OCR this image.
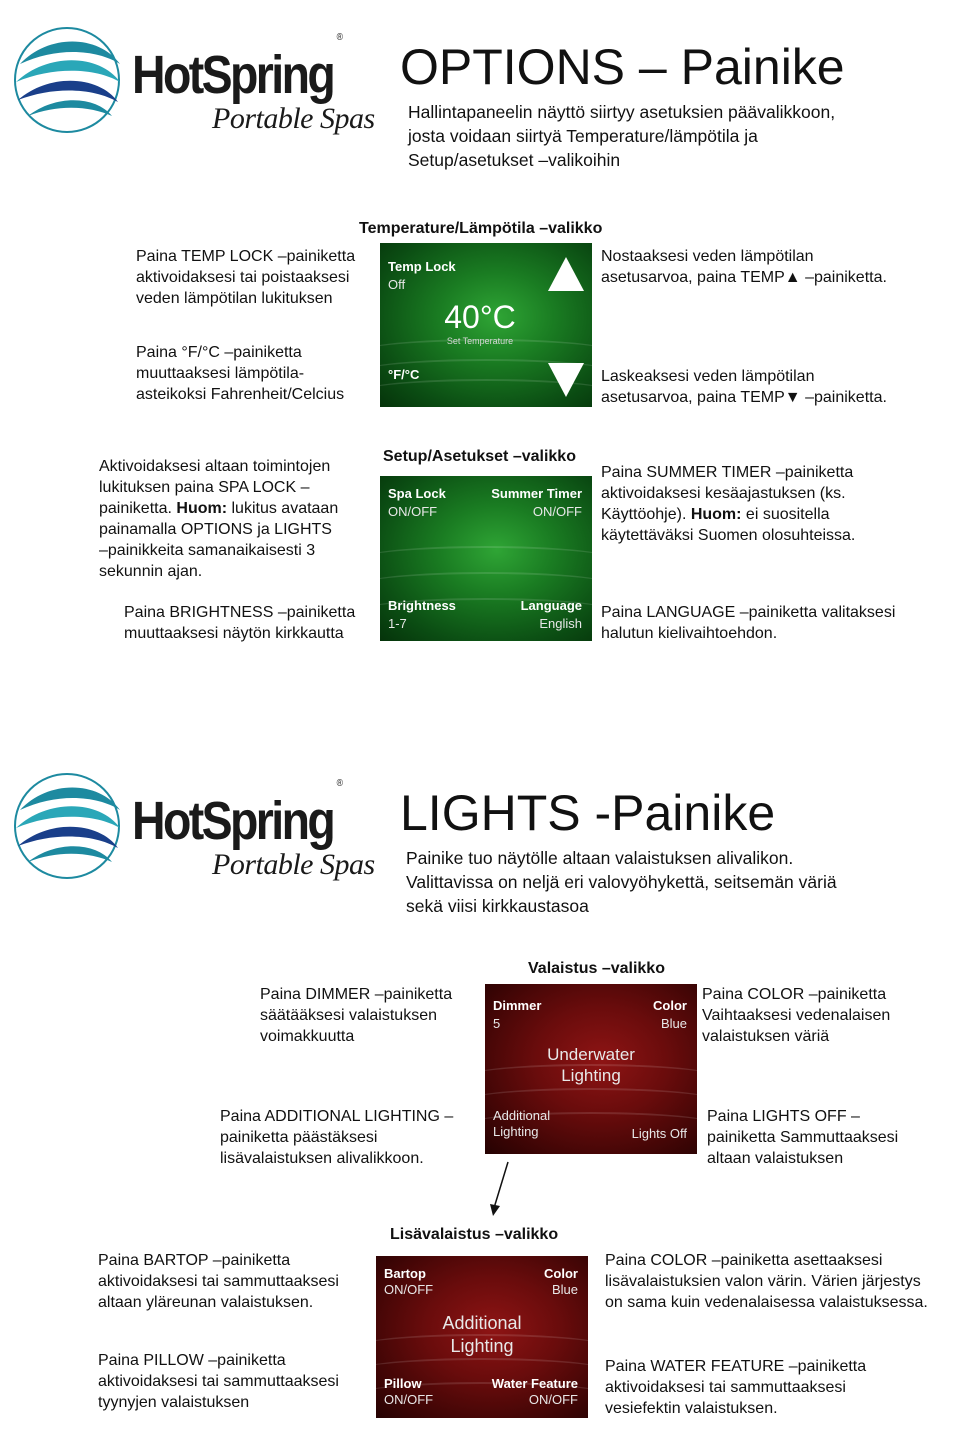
HotSpring®
Portable Spas
OPTIONS – Painike
Hallintapaneelin näyttö siirtyy asetuksien päävalikkoon,
josta voidaan siirtyä Temperature/lämpötila ja
Setup/asetukset –valikoihin
Temperature/Lämpötila –valikko
Paina TEMP LOCK –painiketta
aktivoidaksesi tai poistaaksesi
veden lämpötilan lukituksen
Paina °F/°C –painiketta
muuttaaksesi lämpötila-
asteikoksi Fahrenheit/Celcius
Nostaaksesi veden lämpötilan
asetusarvoa, paina TEMP▲ –painiketta.
Laskeaksesi veden lämpötilan
asetusarvoa, paina TEMP▼ –painiketta.
Temp Lock
Off
40°C
Set Temperature
°F/°C
Setup/Asetukset –valikko
Aktivoidaksesi altaan toimintojen
lukituksen paina SPA LOCK –
painiketta. Huom: lukitus avataan
painamalla OPTIONS ja LIGHTS
–painikkeita samanaikaisesti 3
sekunnin ajan.
Paina SUMMER TIMER –painiketta
aktivoidaksesi kesäajastuksen (ks.
Käyttöohje). Huom: ei suositella
käytettäväksi Suomen olosuhteissa.
Paina BRIGHTNESS –painiketta
muuttaaksesi näytön kirkkautta
Paina LANGUAGE –painiketta valitaksesi
halutun kielivaihtoehdon.
Spa Lock
ON/OFF
Summer Timer
ON/OFF
Brightness
1-7
Language
English
HotSpring®
Portable Spas
LIGHTS -Painike
Painike tuo näytölle altaan valaistuksen alivalikon.
Valittavissa on neljä eri valovyöhykettä, seitsemän väriä
sekä viisi kirkkaustasoa
Valaistus –valikko
Paina DIMMER –painiketta
säätääksesi valaistuksen
voimakkuutta
Paina COLOR –painiketta
Vaihtaaksesi vedenalaisen
valaistuksen väriä
Paina ADDITIONAL LIGHTING –
painiketta päästäksesi
lisävalaistuksen alivalikkoon.
Paina LIGHTS OFF –
painiketta Sammuttaaksesi
altaan valaistuksen
Dimmer
5
Color
Blue
Underwater
Lighting
Additional
Lighting	Lights Off
Lisävalaistus –valikko
Paina BARTOP –painiketta
aktivoidaksesi tai sammuttaaksesi
altaan yläreunan valaistuksen.
Paina COLOR –painiketta asettaaksesi
lisävalaistuksien valon värin. Värien järjestys
on sama kuin vedenalaisessa valaistuksessa.
Paina PILLOW –painiketta
aktivoidaksesi tai sammuttaaksesi
tyynyjen valaistuksen
Paina WATER FEATURE –painiketta
aktivoidaksesi tai sammuttaaksesi
vesiefektin valaistuksen.
Bartop
ON/OFF
Color
Blue
Additional
Lighting
Pillow
ON/OFF
Water Feature
ON/OFF
